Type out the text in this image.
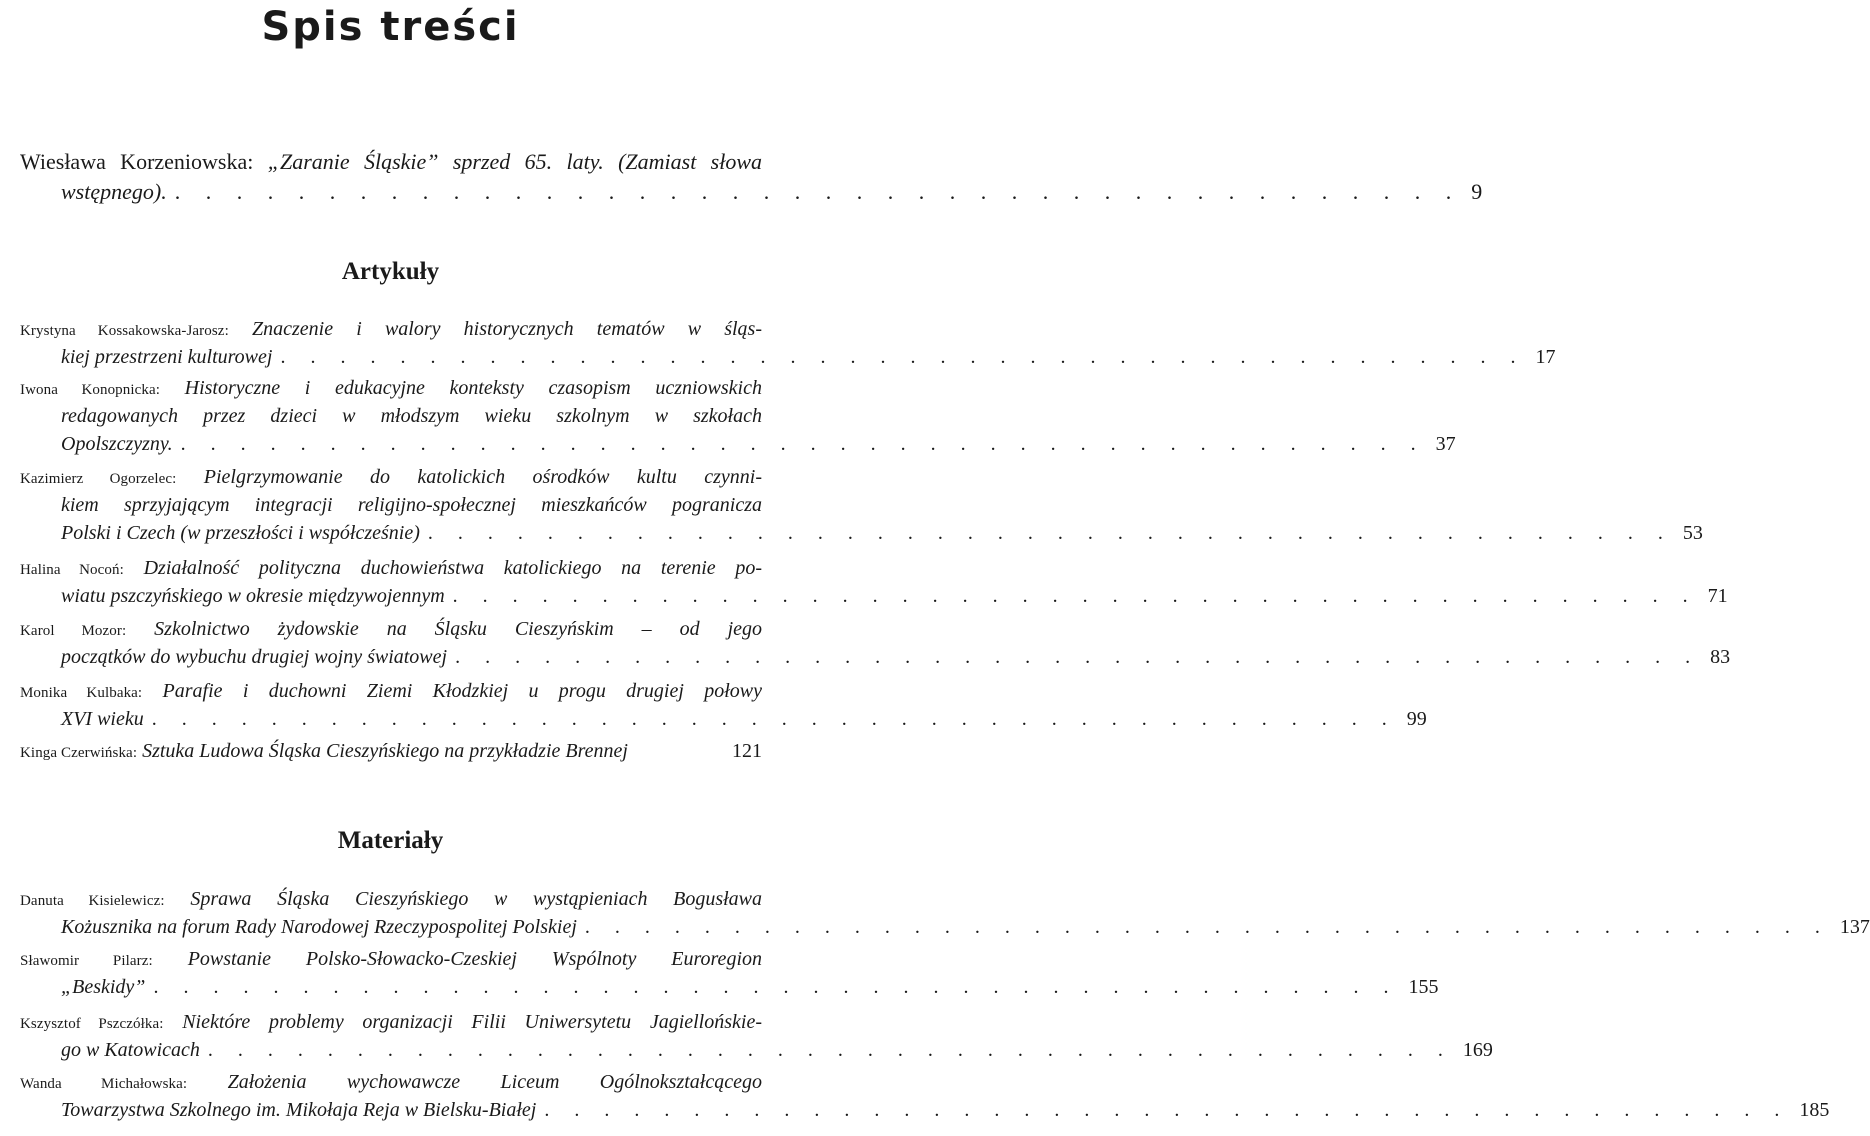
Spis treści
Wiesława Korzeniowska: „Zaranie Śląskie” sprzed 65. laty. (Zamiast słowa
wstępnego). . . . . . . . . . . . . . . . . . . . . . . . . . . . . . . . . . . . . . . . . . . 9
Artykuły
Krystyna Kossakowska-Jarosz: Znaczenie i walory historycznych tematów w śląs-
kiej przestrzeni kulturowej . . . . . . . . . . . . . . . . . . . . . . . . . . . . . . . . . . . . . . . . . . 17
Iwona Konopnicka: Historyczne i edukacyjne konteksty czasopism uczniowskich
redagowanych przez dzieci w młodszym wieku szkolnym w szkołach
Opolszczyzny. . . . . . . . . . . . . . . . . . . . . . . . . . . . . . . . . . . . . . . . . . . 37
Kazimierz Ogorzelec: Pielgrzymowanie do katolickich ośrodków kultu czynni-
kiem sprzyjającym integracji religijno-społecznej mieszkańców pogranicza
Polski i Czech (w przeszłości i współcześnie) . . . . . . . . . . . . . . . . . . . . . . . . . . . . . . . . . . . . . . . . . . 53
Halina Nocoń: Działalność polityczna duchowieństwa katolickiego na terenie po-
wiatu pszczyńskiego w okresie międzywojennym . . . . . . . . . . . . . . . . . . . . . . . . . . . . . . . . . . . . . . . . . . 71
Karol Mozor: Szkolnictwo żydowskie na Śląsku Cieszyńskim – od jego
początków do wybuchu drugiej wojny światowej . . . . . . . . . . . . . . . . . . . . . . . . . . . . . . . . . . . . . . . . . . 83
Monika Kulbaka: Parafie i duchowni Ziemi Kłodzkiej u progu drugiej połowy
XVI wieku . . . . . . . . . . . . . . . . . . . . . . . . . . . . . . . . . . . . . . . . . . 99
Kinga Czerwińska: Sztuka Ludowa Śląska Cieszyńskiego na przykładzie Brennej	121
Materiały
Danuta Kisielewicz: Sprawa Śląska Cieszyńskiego w wystąpieniach Bogusława
Kożusznika na forum Rady Narodowej Rzeczypospolitej Polskiej . . . . . . . . . . . . . . . . . . . . . . . . . . . . . . . . . . . . . . . . . . 137
Sławomir Pilarz: Powstanie Polsko-Słowacko-Czeskiej Wspólnoty Euroregion
„Beskidy” . . . . . . . . . . . . . . . . . . . . . . . . . . . . . . . . . . . . . . . . . . 155
Kszysztof Pszczółka: Niektóre problemy organizacji Filii Uniwersytetu Jagiellońskie-
go w Katowicach . . . . . . . . . . . . . . . . . . . . . . . . . . . . . . . . . . . . . . . . . . 169
Wanda Michałowska: Założenia wychowawcze Liceum Ogólnokształcącego
Towarzystwa Szkolnego im. Mikołaja Reja w Bielsku-Białej . . . . . . . . . . . . . . . . . . . . . . . . . . . . . . . . . . . . . . . . . . 185
